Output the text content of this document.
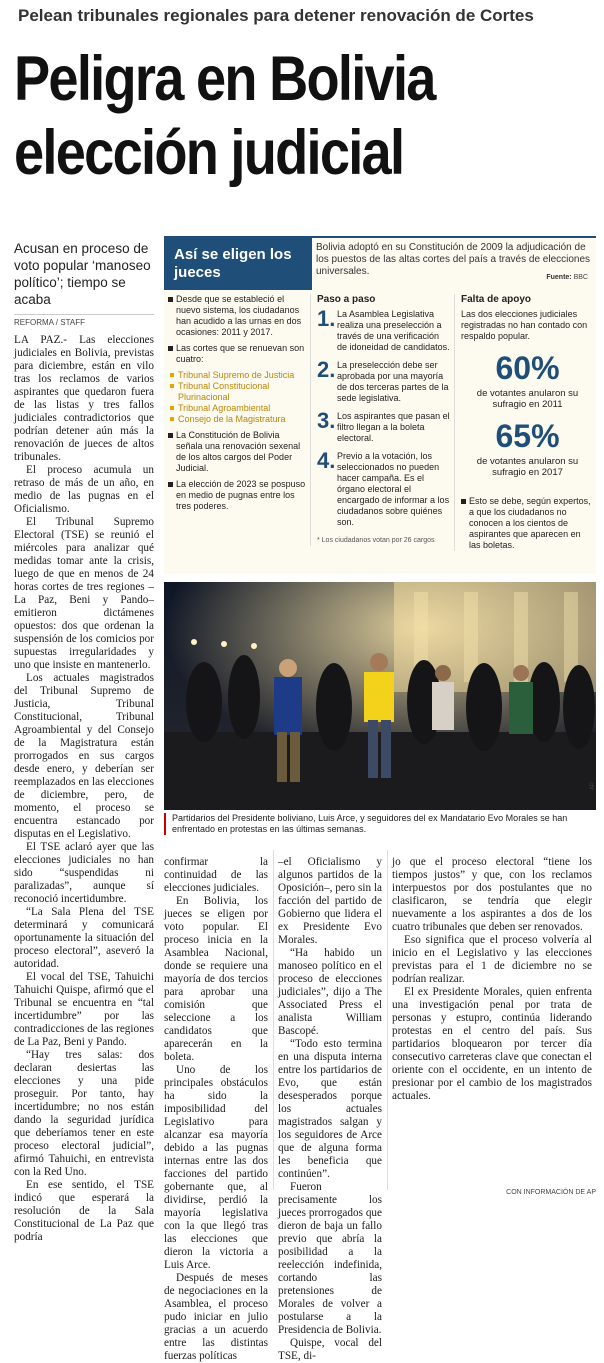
Pelean tribunales regionales para detener renovación de Cortes
Peligra en Bolivia
elección judicial
Acusan en proceso de voto popular ‘manoseo político’; tiempo se acaba
REFORMA / STAFF

LA PAZ.- Las elecciones judiciales en Bolivia, previstas para diciembre, están en vilo tras los reclamos de varios aspirantes que quedaron fuera de las listas y tres fallos judiciales contradictorios que podrían detener aún más la renovación de jueces de altos tribunales.

El proceso acumula un retraso de más de un año, en medio de las pugnas en el Oficialismo.

El Tribunal Supremo Electoral (TSE) se reunió el miércoles para analizar qué medidas tomar ante la crisis, luego de que en menos de 24 horas cortes de tres regiones –La Paz, Beni y Pando– emitieron dictámenes opuestos: dos que ordenan la suspensión de los comicios por supuestas irregularidades y uno que insiste en mantenerlo.

Los actuales magistrados del Tribunal Supremo de Justicia, Tribunal Constitucional, Tribunal Agroambiental y del Consejo de la Magistratura están prorrogados en sus cargos desde enero, y deberían ser reemplazados en las elecciones de diciembre, pero, de momento, el proceso se encuentra estancado por disputas en el Legislativo.

El TSE aclaró ayer que las elecciones judiciales no han sido “suspendidas ni paralizadas”, aunque sí reconoció incertidumbre.

“La Sala Plena del TSE determinará y comunicará oportunamente la situación del proceso electoral”, aseveró la autoridad.

El vocal del TSE, Tahuichi Tahuichi Quispe, afirmó que el Tribunal se encuentra en “tal incertidumbre” por las contradicciones de las regiones de La Paz, Beni y Pando.

“Hay tres salas: dos declaran desiertas las elecciones y una pide proseguir. Por tanto, hay incertidumbre; no nos están dando la seguridad jurídica que deberíamos tener en este proceso electoral judicial”, afirmó Tahuichi, en entrevista con la Red Uno.

En ese sentido, el TSE indicó que esperará la resolución de la Sala Constitucional de La Paz que podría

Así se eligen los jueces
Bolivia adoptó en su Constitución de 2009 la adjudicación de los puestos de las altas cortes del país a través de elecciones universales.
Fuente: BBC
Desde que se estableció el nuevo sistema, los ciudadanos han acudido a las urnas en dos ocasiones: 2011 y 2017.
Las cortes que se renuevan son cuatro:
Tribunal Supremo de Justicia
Tribunal Constitucional Plurinacional
Tribunal Agroambiental
Consejo de la Magistratura
La Constitución de Bolivia señala una renovación sexenal de los altos cargos del Poder Judicial.
La elección de 2023 se pospuso en medio de pugnas entre los tres poderes.
Paso a paso
1. La Asamblea Legislativa realiza una preselección a través de una verificación de idoneidad de candidatos.
2. La preselección debe ser aprobada por una mayoría de dos terceras partes de la sede legislativa.
3. Los aspirantes que pasan el filtro llegan a la boleta electoral.
4. Previo a la votación, los seleccionados no pueden hacer campaña. Es el órgano electoral el encargado de informar a los ciudadanos sobre quiénes son.
* Los ciudadanos votan por 26 cargos
Falta de apoyo
Las dos elecciones judiciales registradas no han contado con respaldo popular.
60%
de votantes anularon su sufragio en 2011
65%
de votantes anularon su sufragio en 2017
Esto se debe, según expertos, a que los ciudadanos no conocen a los cientos de aspirantes que aparecen en las boletas.
AP
Partidarios del Presidente boliviano, Luis Arce, y seguidores del ex Mandatario Evo Morales se han enfrentado en protestas en las últimas semanas.

confirmar la continuidad de las elecciones judiciales.

En Bolivia, los jueces se eligen por voto popular. El proceso inicia en la Asamblea Nacional, donde se requiere una mayoría de dos tercios para aprobar una comisión que seleccione a los candidatos que aparecerán en la boleta.

Uno de los principales obstáculos ha sido la imposibilidad del Legislativo para alcanzar esa mayoría debido a las pugnas internas entre las dos facciones del partido gobernante que, al dividirse, perdió la mayoría legislativa con la que llegó tras las elecciones que dieron la victoria a Luis Arce.

Después de meses de negociaciones en la Asamblea, el proceso pudo iniciar en julio gracias a un acuerdo entre las distintas fuerzas políticas

–el Oficialismo y algunos partidos de la Oposición–, pero sin la facción del partido de Gobierno que lidera el ex Presidente Evo Morales.

“Ha habido un manoseo político en el proceso de elecciones judiciales”, dijo a The Associated Press el analista William Bascopé.

“Todo esto termina en una disputa interna entre los partidarios de Evo, que están desesperados porque los actuales magistrados salgan y los seguidores de Arce que de alguna forma les beneficia que continúen”.

Fueron precisamente los jueces prorrogados que dieron de baja un fallo previo que abría la posibilidad a la reelección indefinida, cortando las pretensiones de Morales de volver a postularse a la Presidencia de Bolivia.

Quispe, vocal del TSE, di-

jo que el proceso electoral “tiene los tiempos justos” y que, con los reclamos interpuestos por dos postulantes que no clasificaron, se tendría que elegir nuevamente a los aspirantes a dos de los cuatro tribunales que deben ser renovados.

Eso significa que el proceso volvería al inicio en el Legislativo y las elecciones previstas para el 1 de diciembre no se podrían realizar.

El ex Presidente Morales, quien enfrenta una investigación penal por trata de personas y estupro, continúa liderando protestas en el centro del país. Sus partidarios bloquearon por tercer día consecutivo carreteras clave que conectan el oriente con el occidente, en un intento de presionar por el cambio de los magistrados actuales.

CON INFORMACIÓN DE AP
